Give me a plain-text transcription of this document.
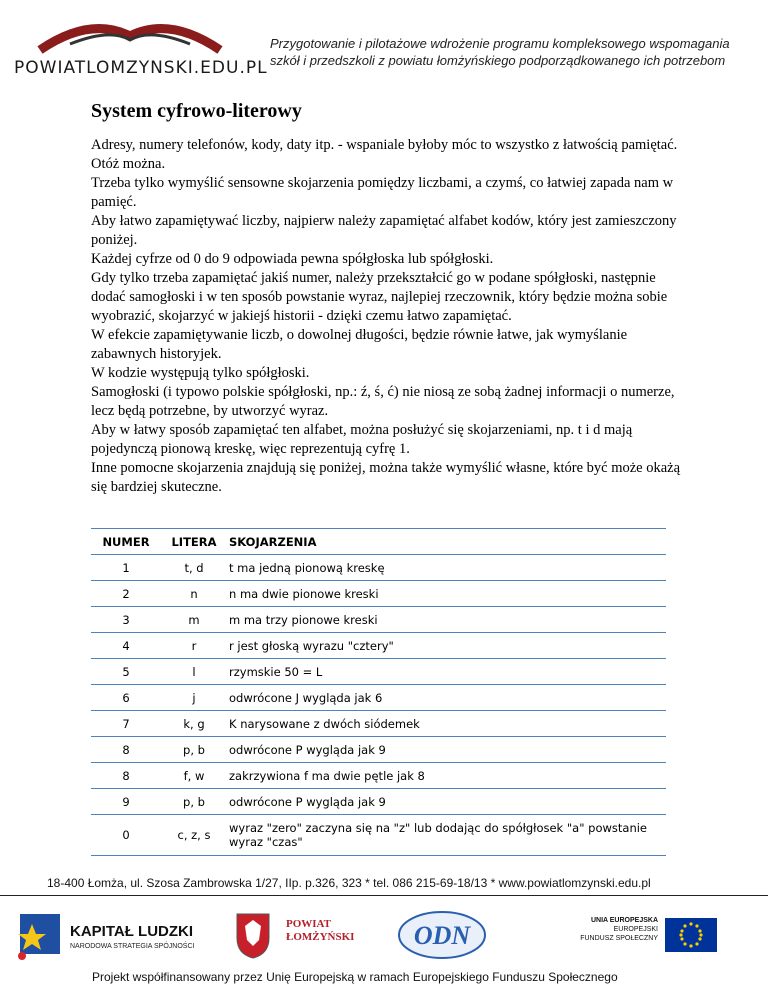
POWIATLOMZYNSKI.EDU.PL
Przygotowanie i pilotażowe wdrożenie programu kompleksowego wspomagania
szkół i przedszkoli z powiatu łomżyńskiego podporządkowanego ich potrzebom
System cyfrowo-literowy

Adresy, numery telefonów, kody, daty itp. - wspaniale byłoby móc to wszystko z łatwością pamiętać.

Otóż można.

Trzeba tylko wymyślić sensowne skojarzenia pomiędzy liczbami, a czymś, co łatwiej zapada nam w pamięć.

Aby łatwo zapamiętywać liczby, najpierw należy zapamiętać alfabet kodów, który jest zamieszczony poniżej.

Każdej cyfrze od 0 do 9 odpowiada pewna spółgłoska lub spółgłoski.

Gdy tylko trzeba zapamiętać jakiś numer, należy przekształcić go w podane spółgłoski, następnie dodać samogłoski i w ten sposób powstanie wyraz, najlepiej rzeczownik, który będzie można sobie wyobrazić, skojarzyć w jakiejś historii - dzięki czemu łatwo zapamiętać.

W efekcie zapamiętywanie liczb, o dowolnej długości, będzie równie łatwe, jak wymyślanie zabawnych historyjek.

W kodzie występują tylko spółgłoski.

Samogłoski (i typowo polskie spółgłoski, np.: ź, ś, ć) nie niosą ze sobą żadnej informacji o numerze, lecz będą potrzebne, by utworzyć wyraz.

Aby w łatwy sposób zapamiętać ten alfabet, można posłużyć się skojarzeniami, np. t i d mają pojedynczą pionową kreskę, więc reprezentują cyfrę 1.

Inne pomocne skojarzenia znajdują się poniżej, można także wymyślić własne, które być może okażą się bardziej skuteczne.

NUMER	LITERA	SKOJARZENIA
1	t, d	t ma jedną pionową kreskę
2	n	n ma dwie pionowe kreski
3	m	m ma trzy pionowe kreski
4	r	r jest głoską wyrazu "cztery"
5	l	rzymskie 50 = L
6	j	odwrócone J wygląda jak 6
7	k, g	K narysowane z dwóch siódemek
8	p, b	odwrócone P wygląda jak 9
8	f, w	zakrzywiona f ma dwie pętle jak 8
9	p, b	odwrócone P wygląda jak 9
0	c, z, s	wyraz "zero" zaczyna się na "z" lub dodając do spółgłosek "a" powstanie wyraz "czas"
18-400 Łomża, ul. Szosa Zambrowska 1/27, IIp. p.326, 323 * tel. 086 215-69-18/13 * www.powiatlomzynski.edu.pl
KAPITAŁ LUDZKI
NARODOWA STRATEGIA SPÓJNOŚCI
POWIAT
ŁOMŻYŃSKI ODN
UNIA EUROPEJSKA
EUROPEJSKI
FUNDUSZ SPOŁECZNY
Projekt współfinansowany przez Unię Europejską w ramach Europejskiego Funduszu Społecznego
